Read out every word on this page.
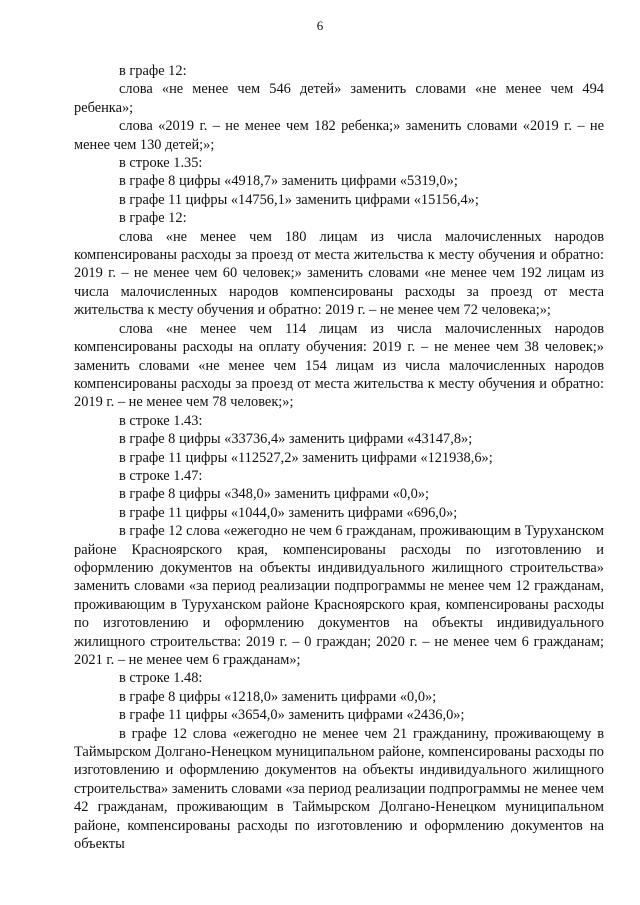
6

в графе 12:

слова «не менее чем 546 детей» заменить словами «не менее чем 494 ребенка»;

слова «2019 г. – не менее чем 182 ребенка;» заменить словами «2019 г. – не менее чем 130 детей;»;

в строке 1.35:

в графе 8 цифры «4918,7» заменить цифрами «5319,0»;

в графе 11 цифры «14756,1» заменить цифрами «15156,4»;

в графе 12:

слова «не менее чем 180 лицам из числа малочисленных народов компенсированы расходы за проезд от места жительства к месту обучения и обратно: 2019 г. – не менее чем 60 человек;» заменить словами «не менее чем 192 лицам из числа малочисленных народов компенсированы расходы за проезд от места жительства к месту обучения и обратно: 2019 г. – не менее чем 72 человека;»;

слова «не менее чем 114 лицам из числа малочисленных народов компенсированы расходы на оплату обучения: 2019 г. – не менее чем 38 человек;» заменить словами «не менее чем 154 лицам из числа малочисленных народов компенсированы расходы за проезд от места жительства к месту обучения и обратно: 2019 г. – не менее чем 78 человек;»;

в строке 1.43:

в графе 8 цифры «33736,4» заменить цифрами «43147,8»;

в графе 11 цифры «112527,2» заменить цифрами «121938,6»;

в строке 1.47:

в графе 8 цифры «348,0» заменить цифрами «0,0»;

в графе 11 цифры «1044,0» заменить цифрами «696,0»;

в графе 12 слова «ежегодно не чем 6 гражданам, проживающим в Туруханском районе Красноярского края, компенсированы расходы по изготовлению и оформлению документов на объекты индивидуального жилищного строительства» заменить словами «за период реализации подпрограммы не менее чем 12 гражданам, проживающим в Туруханском районе Красноярского края, компенсированы расходы по изготовлению и оформлению документов на объекты индивидуального жилищного строительства: 2019 г. – 0 граждан; 2020 г. – не менее чем 6 гражданам; 2021 г. – не менее чем 6 гражданам»;

в строке 1.48:

в графе 8 цифры «1218,0» заменить цифрами «0,0»;

в графе 11 цифры «3654,0» заменить цифрами «2436,0»;

в графе 12 слова «ежегодно не менее чем 21 гражданину, проживающему в Таймырском Долгано-Ненецком муниципальном районе, компенсированы расходы по изготовлению и оформлению документов на объекты индивидуального жилищного строительства» заменить словами «за период реализации подпрограммы не менее чем 42 гражданам, проживающим в Таймырском Долгано-Ненецком муниципальном районе, компенсированы расходы по изготовлению и оформлению документов на объекты
